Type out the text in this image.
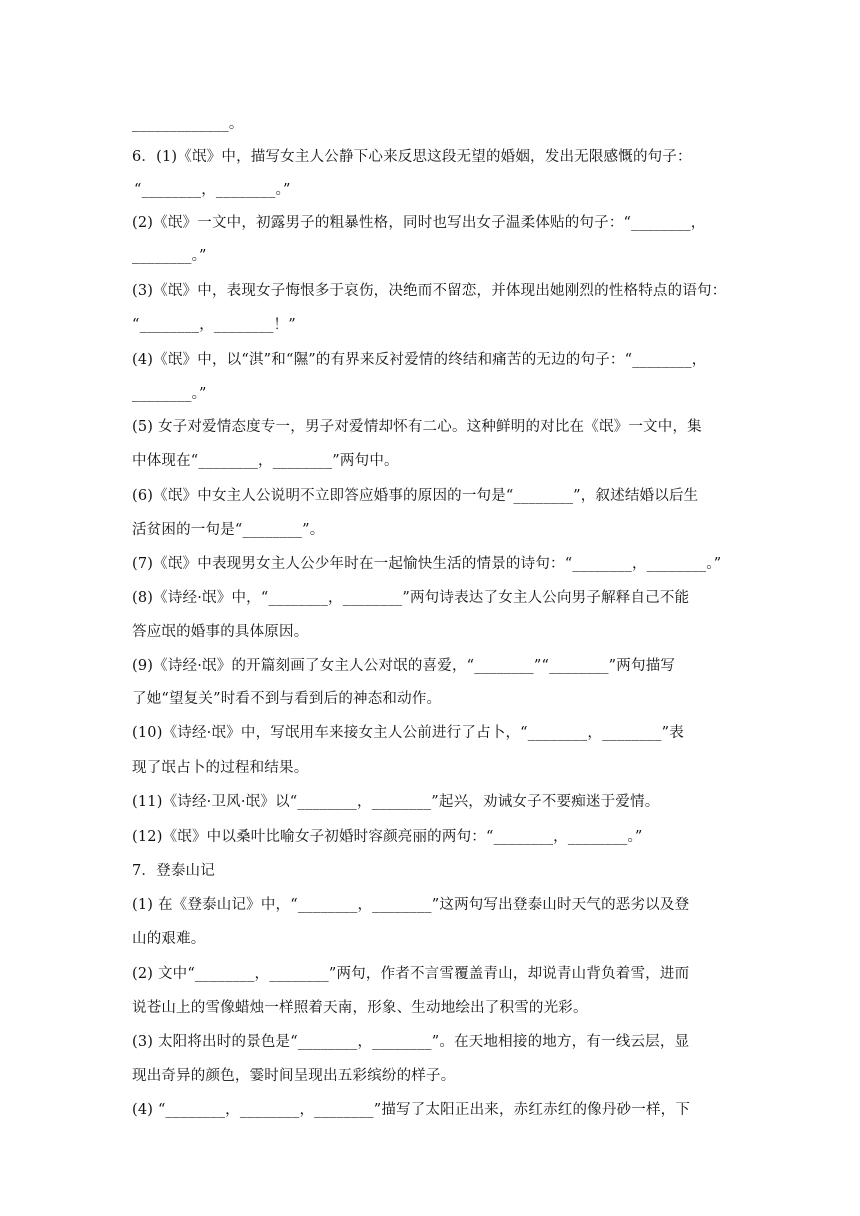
_____________。
6．(1)《氓》中，描写女主人公静下心来反思这段无望的婚姻，发出无限感慨的句子：
“________，________。”
(2)《氓》一文中，初露男子的粗暴性格，同时也写出女子温柔体贴的句子：“________，
________。”
(3)《氓》中，表现女子悔恨多于哀伤，决绝而不留恋，并体现出她刚烈的性格特点的语句：
“________，________！”
(4)《氓》中，以“淇”和“隰”的有界来反衬爱情的终结和痛苦的无边的句子：“________，
________。”
(5) 女子对爱情态度专一，男子对爱情却怀有二心。这种鲜明的对比在《氓》一文中，集
中体现在“________，________”两句中。
(6)《氓》中女主人公说明不立即答应婚事的原因的一句是“________”，叙述结婚以后生
活贫困的一句是“________”。
(7)《氓》中表现男女主人公少年时在一起愉快生活的情景的诗句：“________，________。”
(8)《诗经·氓》中，“________，________”两句诗表达了女主人公向男子解释自己不能
答应氓的婚事的具体原因。
(9)《诗经·氓》的开篇刻画了女主人公对氓的喜爱，“________”“________”两句描写
了她“望复关”时看不到与看到后的神态和动作。
(10)《诗经·氓》中，写氓用车来接女主人公前进行了占卜，“________，________”表
现了氓占卜的过程和结果。
(11)《诗经·卫风·氓》以“________，________”起兴，劝诫女子不要痴迷于爱情。
(12)《氓》中以桑叶比喻女子初婚时容颜亮丽的两句：“________，________。”
7．登泰山记
(1) 在《登泰山记》中，“________，________”这两句写出登泰山时天气的恶劣以及登
山的艰难。
(2) 文中“________，________”两句，作者不言雪覆盖青山，却说青山背负着雪，进而
说苍山上的雪像蜡烛一样照着天南，形象、生动地绘出了积雪的光彩。
(3) 太阳将出时的景色是“________，________”。在天地相接的地方，有一线云层，显
现出奇异的颜色，霎时间呈现出五彩缤纷的样子。
(4) “________，________，________”描写了太阳正出来，赤红赤红的像丹砂一样，下
